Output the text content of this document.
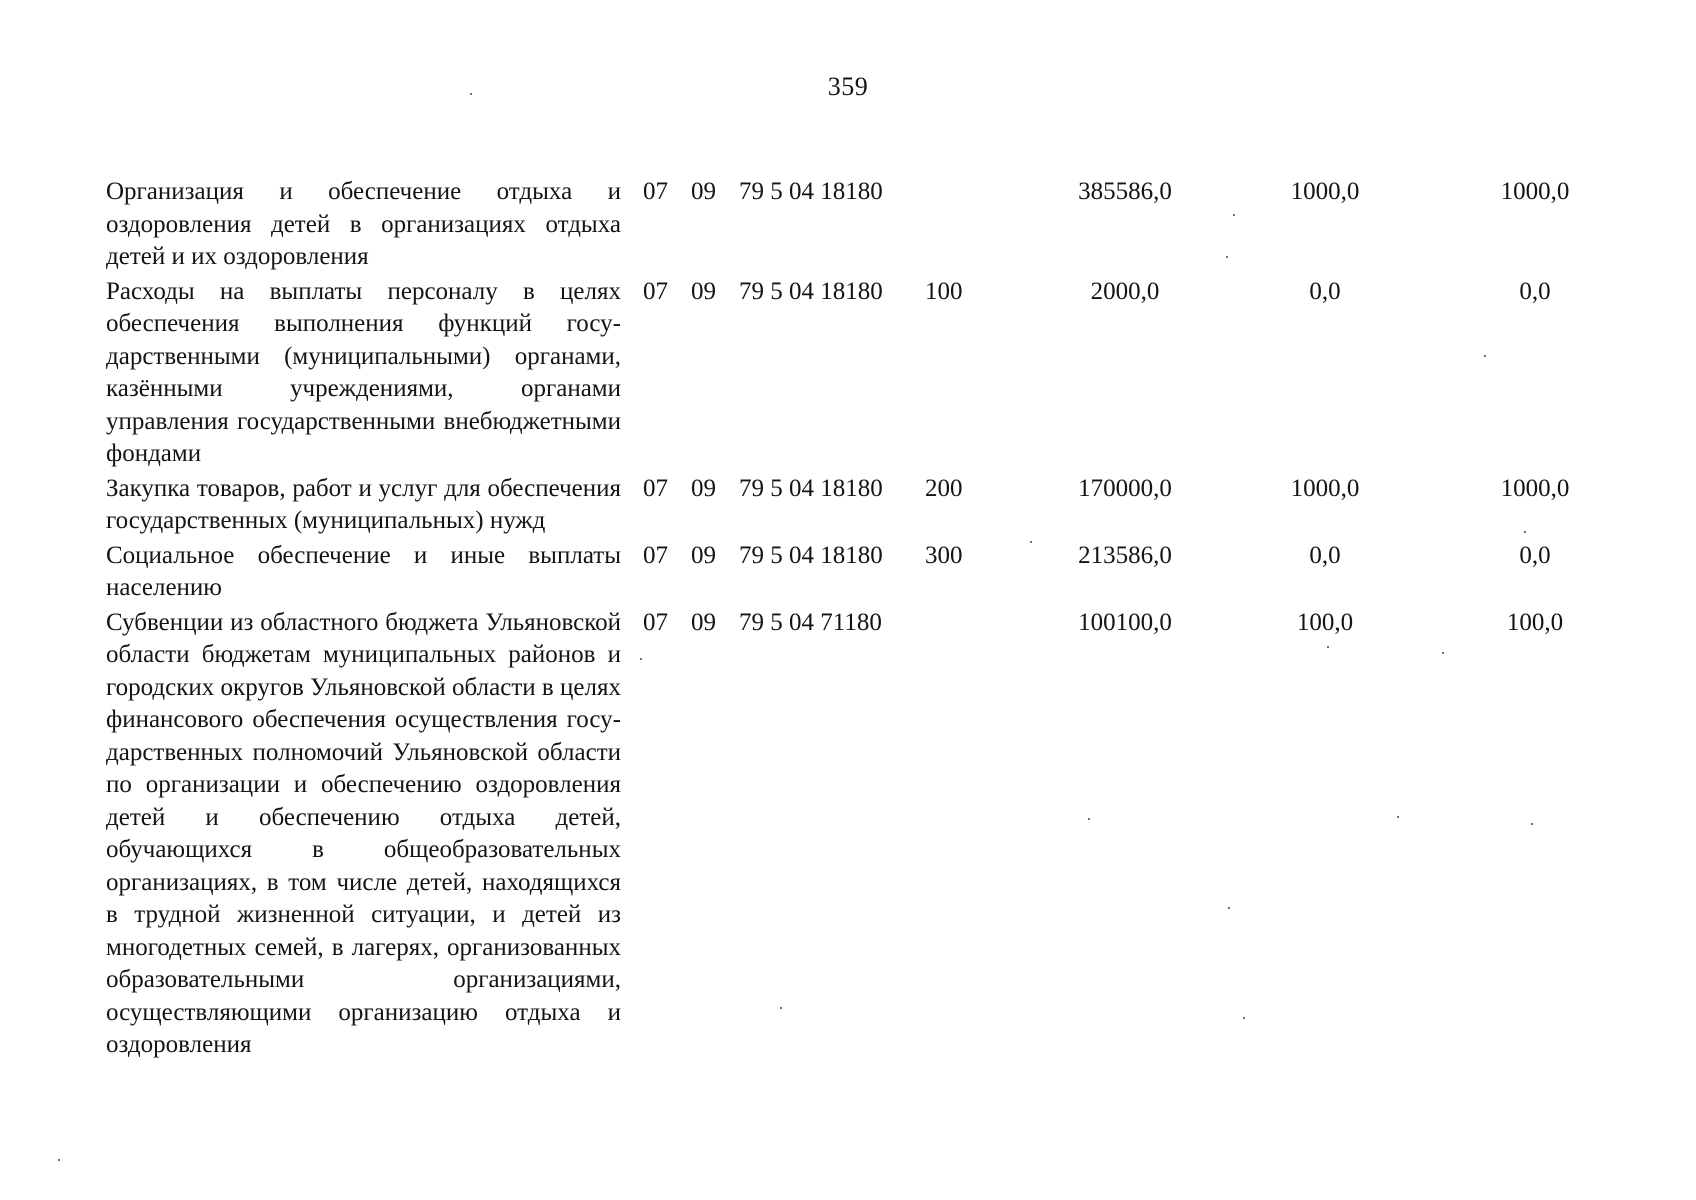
359
Организация и обеспечение отдыха и оздоровления детей в организациях отдыха детей и их оздоровления	07	09	79 5 04 18180		385586,0	1000,0	1000,0
Расходы на выплаты персоналу в целях обеспечения выполнения функций государственными (муниципальными) органами, казёнными учреждениями, органами управления государственными внебюджетными фондами	07	09	79 5 04 18180	100	2000,0	0,0	0,0
Закупка товаров, работ и услуг для обеспечения государственных (муниципальных) нужд	07	09	79 5 04 18180	200	170000,0	1000,0	1000,0
Социальное обеспечение и иные выплаты населению	07	09	79 5 04 18180	300	213586,0	0,0	0,0
Субвенции из областного бюджета Ульяновской области бюджетам муниципальных районов и городских округов Ульяновской области в целях финансового обеспечения осуществления государственных полномочий Ульяновской области по организации и обеспечению оздоровления детей и обеспечению отдыха детей, обучающихся в общеобразовательных организациях, в том числе детей, находящихся в трудной жизненной ситуации, и детей из многодетных семей, в лагерях, организованных образовательными организациями, осуществляющими организацию отдыха и оздоровления	07	09	79 5 04 71180		100100,0	100,0	100,0
